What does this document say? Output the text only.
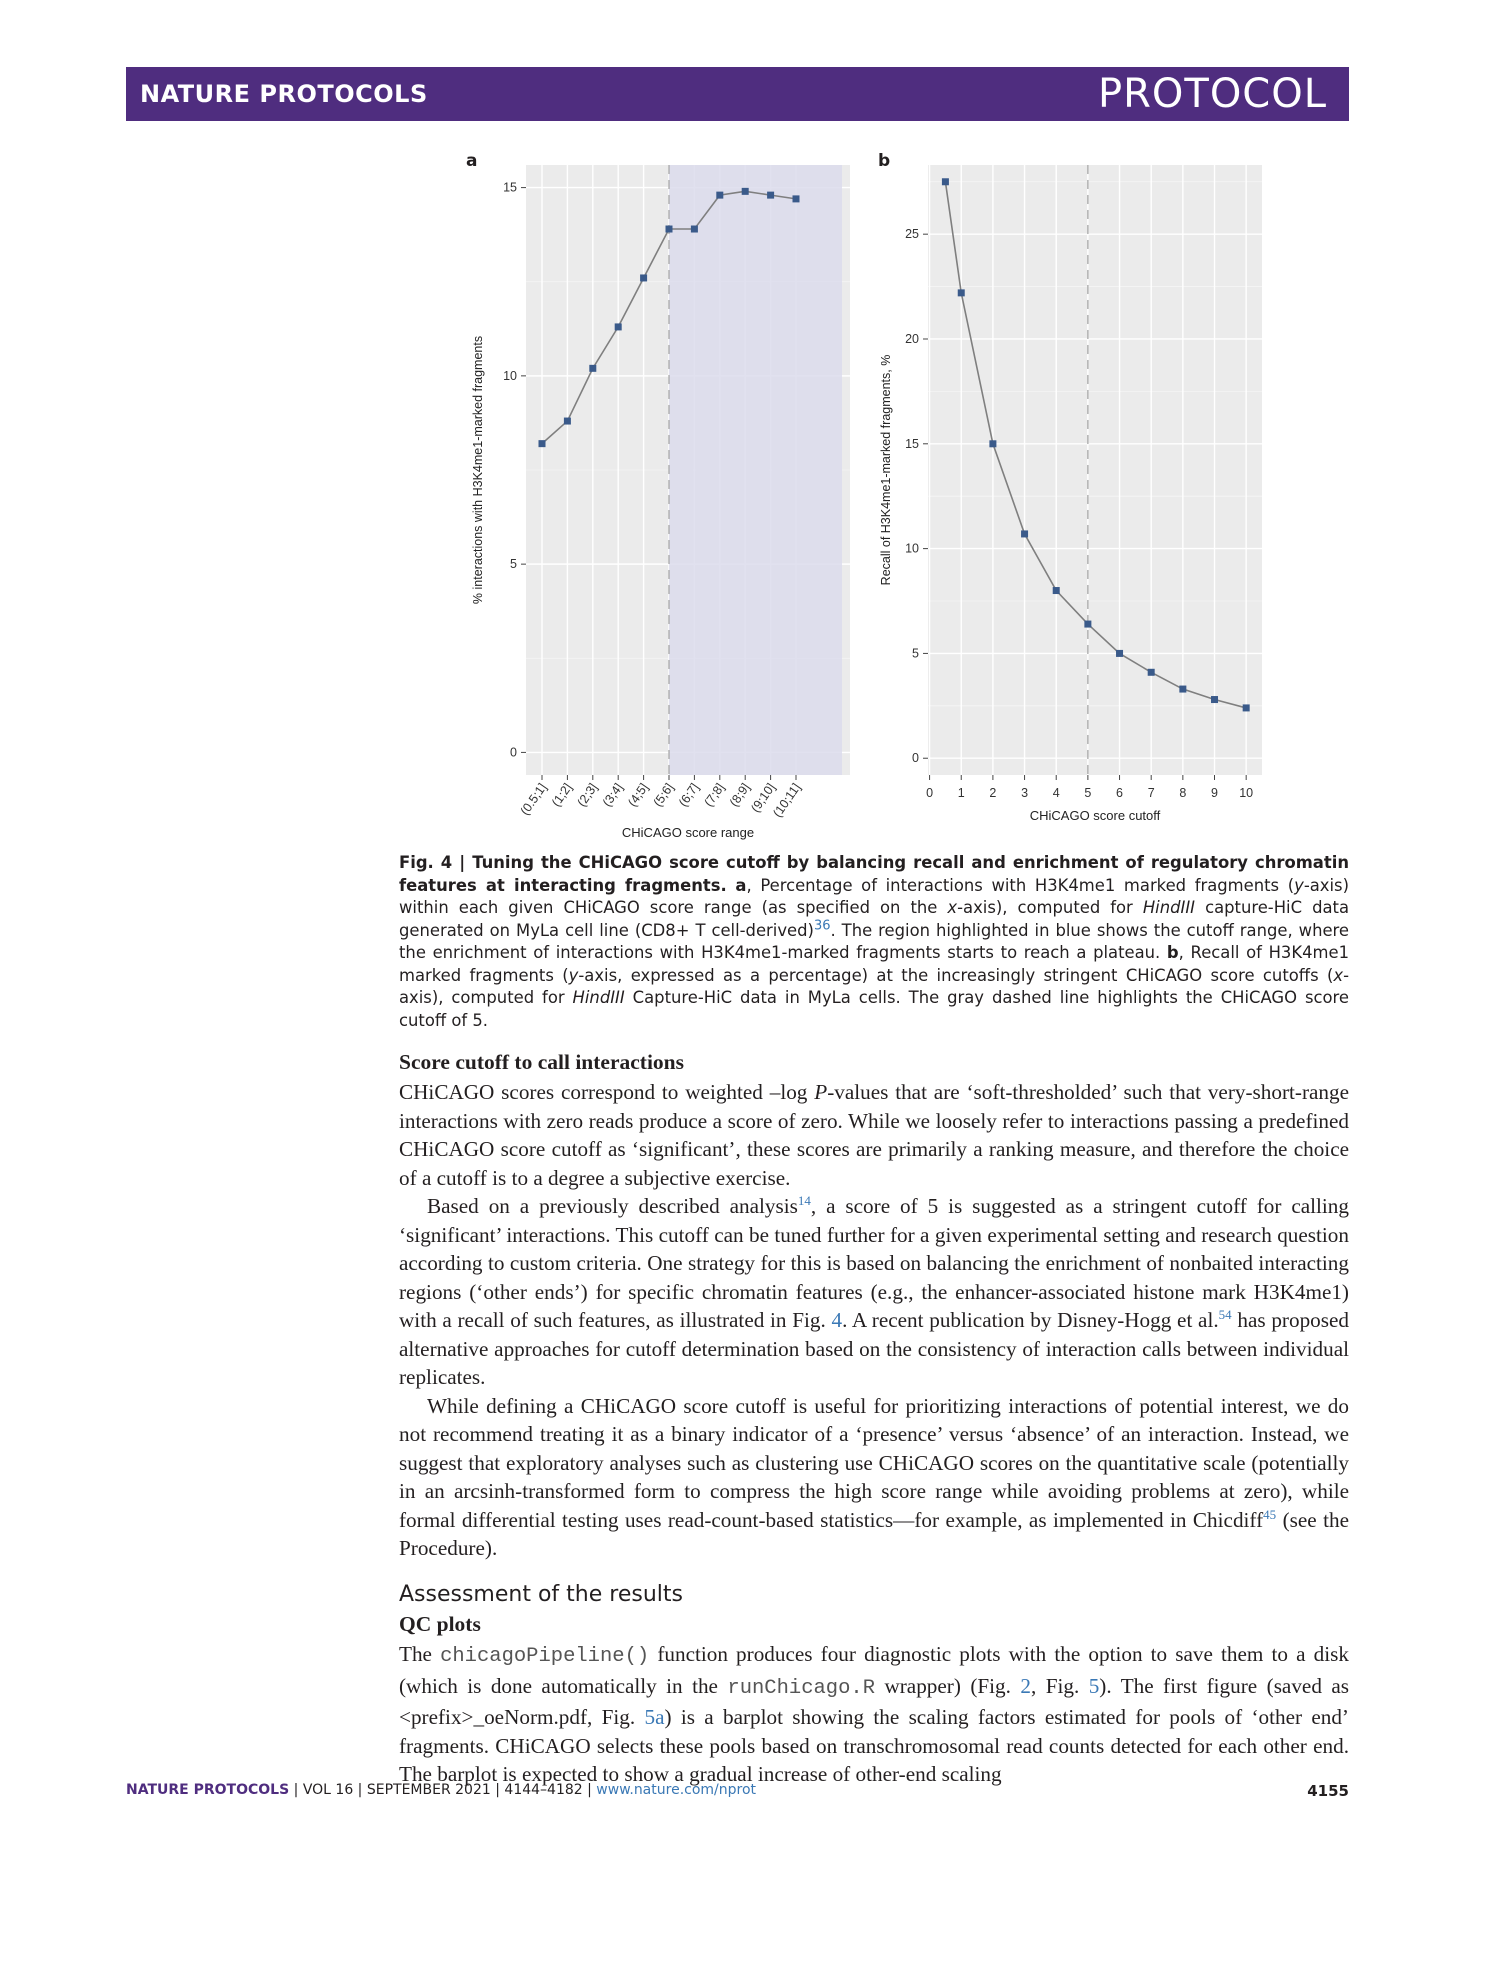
NATURE PROTOCOLS	PROTOCOL
a	b
0
5
10
15
(0.5;1] (1;2] (2;3] (3;4] (4;5] (5;6] (6;7] (7;8] (8;9]
(9;10]
(10;11]
% interactions with H3K4me1-marked fragments
CHiCAGO score range
0
5
10
15
20
25
0 1 2 3 4 5 6 7 8 9 10
Recall of H3K4me1-marked fragments, %
CHiCAGO score cutoff
Fig. 4 | Tuning the CHiCAGO score cutoff by balancing recall and enrichment of regulatory chromatin features at interacting fragments. a, Percentage of interactions with H3K4me1 marked fragments (y-axis) within each given CHiCAGO score range (as specified on the x-axis), computed for HindIII capture-HiC data generated on MyLa cell line (CD8+ T cell-derived)$^{36}$. The region highlighted in blue shows the cutoff range, where the enrichment of interactions with H3K4me1-marked fragments starts to reach a plateau. b, Recall of H3K4me1 marked fragments (y-axis, expressed as a percentage) at the increasingly stringent CHiCAGO score cutoffs (x-axis), computed for HindIII Capture-HiC data in MyLa cells. The gray dashed line highlights the CHiCAGO score cutoff of 5.
Score cutoff to call interactions

CHiCAGO scores correspond to weighted –log P-values that are ‘soft-thresholded’ such that very-short-range interactions with zero reads produce a score of zero. While we loosely refer to interactions passing a predefined CHiCAGO score cutoff as ‘significant’, these scores are primarily a ranking measure, and therefore the choice of a cutoff is to a degree a subjective exercise.

Based on a previously described analysis$^{14}$, a score of 5 is suggested as a stringent cutoff for calling ‘significant’ interactions. This cutoff can be tuned further for a given experimental setting and research question according to custom criteria. One strategy for this is based on balancing the enrichment of nonbaited interacting regions (‘other ends’) for specific chromatin features (e.g., the enhancer-associated histone mark H3K4me1) with a recall of such features, as illustrated in Fig. 4. A recent publication by Disney-Hogg et al.$^{54}$ has proposed alternative approaches for cutoff determination based on the consistency of interaction calls between individual replicates.

While defining a CHiCAGO score cutoff is useful for prioritizing interactions of potential interest, we do not recommend treating it as a binary indicator of a ‘presence’ versus ‘absence’ of an interaction. Instead, we suggest that exploratory analyses such as clustering use CHiCAGO scores on the quantitative scale (potentially in an arcsinh-transformed form to compress the high score range while avoiding problems at zero), while formal differential testing uses read-count-based statistics—for example, as implemented in Chicdiff$^{45}$ (see the Procedure).

Assessment of the results
QC plots

The chicagoPipeline() function produces four diagnostic plots with the option to save them to a disk (which is done automatically in the runChicago.R wrapper) (Fig. 2, Fig. 5). The first figure (saved as <prefix>_oeNorm.pdf, Fig. 5a) is a barplot showing the scaling factors estimated for pools of ‘other end’ fragments. CHiCAGO selects these pools based on transchromosomal read counts detected for each other end. The barplot is expected to show a gradual increase of other-end scaling

NATURE PROTOCOLS | VOL 16 | SEPTEMBER 2021 | 4144–4182 | www.nature.com/nprot	4155
